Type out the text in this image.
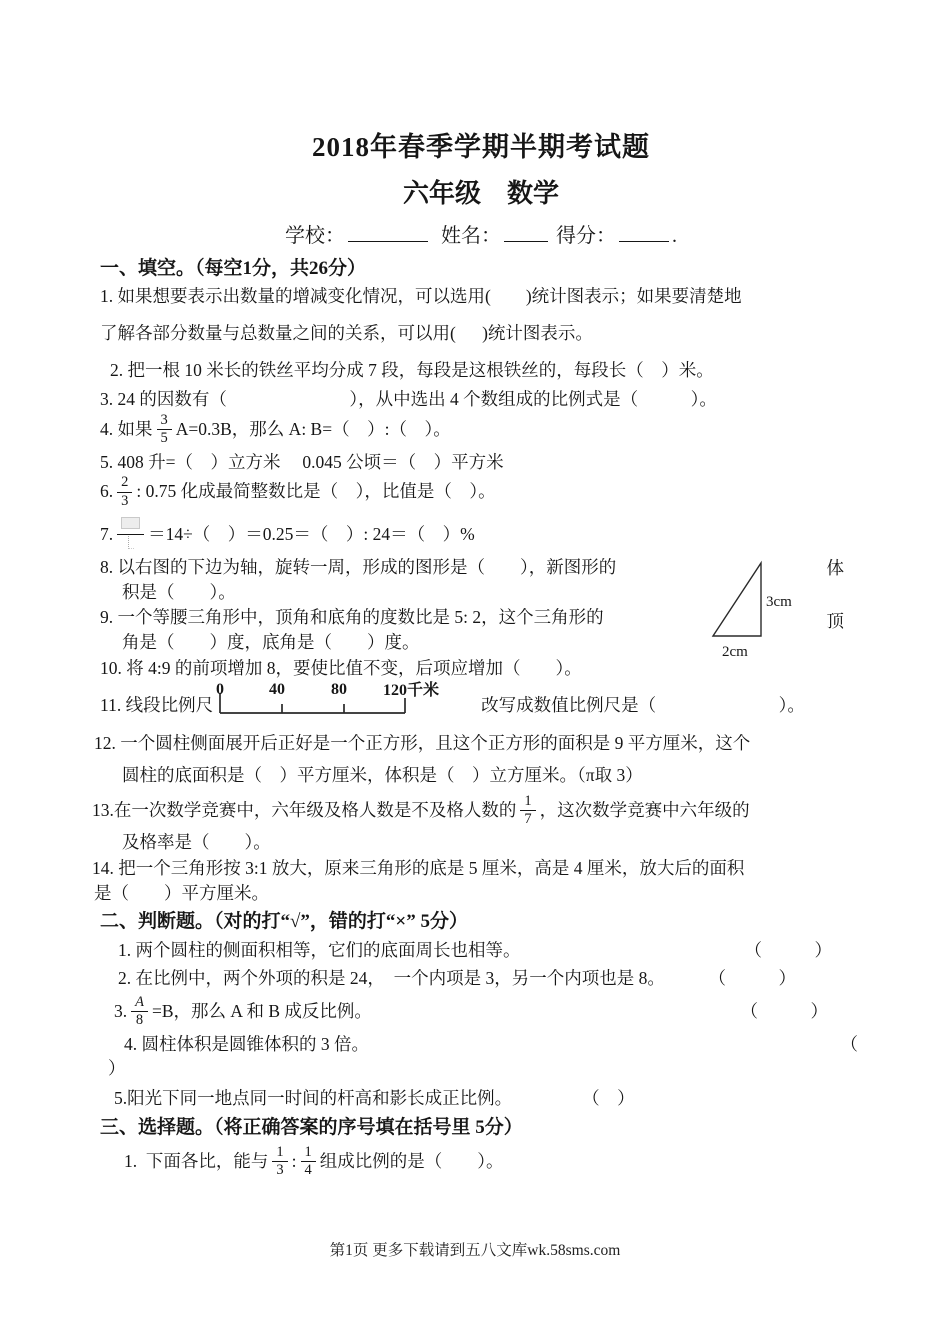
2018年春季学期半期考试题
六年级　数学
学校：	姓名：	得分：	.
一、填空。（每空1分，共26分）
1. 如果想要表示出数量的增减变化情况，可以选用(        )统计图表示；如果要清楚地
了解各部分数量与总数量之间的关系，可以用(      )统计图表示。
2. 把一根 10 米长的铁丝平均分成 7 段，每段是这根铁丝的，每段长（　）米。
3. 24 的因数有（　　　　　　　），从中选出 4 个数组成的比例式是（　　　）。
4. 如果 $\frac{3}{5} A=0.3B$，那么 A: B=（　）:（　）。
5. 408 升=（　）立方米　 0.045 公顷＝（　）平方米
6. $\frac{2}{3}$ : 0.75 化成最简整数比是（　），比值是（　）。
7. ＝14÷（　）＝0.25＝（　）: 24＝（　）%
8. 以右图的下边为轴，旋转一周，形成的图形是（　　），新图形的
积是（　　）。
9. 一个等腰三角形中，顶角和底角的度数比是 5: 2，这个三角形的
角是（　　）度，底角是（　　）度。
体
顶
3cm
2cm
10. 将 4:9 的前项增加 8，要使比值不变，后项应增加（　　）。
11. 线段比例尺
0	40	80 120千米
改写成数值比例尺是（　　　　　　　）。
12. 一个圆柱侧面展开后正好是一个正方形，且这个正方形的面积是 9 平方厘米，这个
圆柱的底面积是（　）平方厘米，体积是（　）立方厘米。（π取 3）
13.在一次数学竞赛中，六年级及格人数是不及格人数的 $\frac{1}{7}$ ，这次数学竞赛中六年级的
及格率是（　　）。
14. 把一个三角形按 3:1 放大，原来三角形的底是 5 厘米，高是 4 厘米，放大后的面积
是（　　）平方厘米。
二、判断题。（对的打“√”，错的打“×” 5分）
1. 两个圆柱的侧面积相等，它们的底面周长也相等。	（　　　）
2. 在比例中，两个外项的积是 24，  一个内项是 3，另一个内项也是 8。 （　　　）
3. $\frac{A}{8} =B$，那么 A 和 B 成反比例。	（　　　）
4. 圆柱体积是圆锥体积的 3 倍。	（
）
5.阳光下同一地点同一时间的杆高和影长成正比例。　　　　　（　）
三、选择题。（将正确答案的序号填在括号里 5分）
1.  下面各比，能与 $\frac{1}{3}$ : $\frac{1}{4}$ 组成比例的是（　　）。
第1页 更多下载请到五八文库wk.58sms.com
